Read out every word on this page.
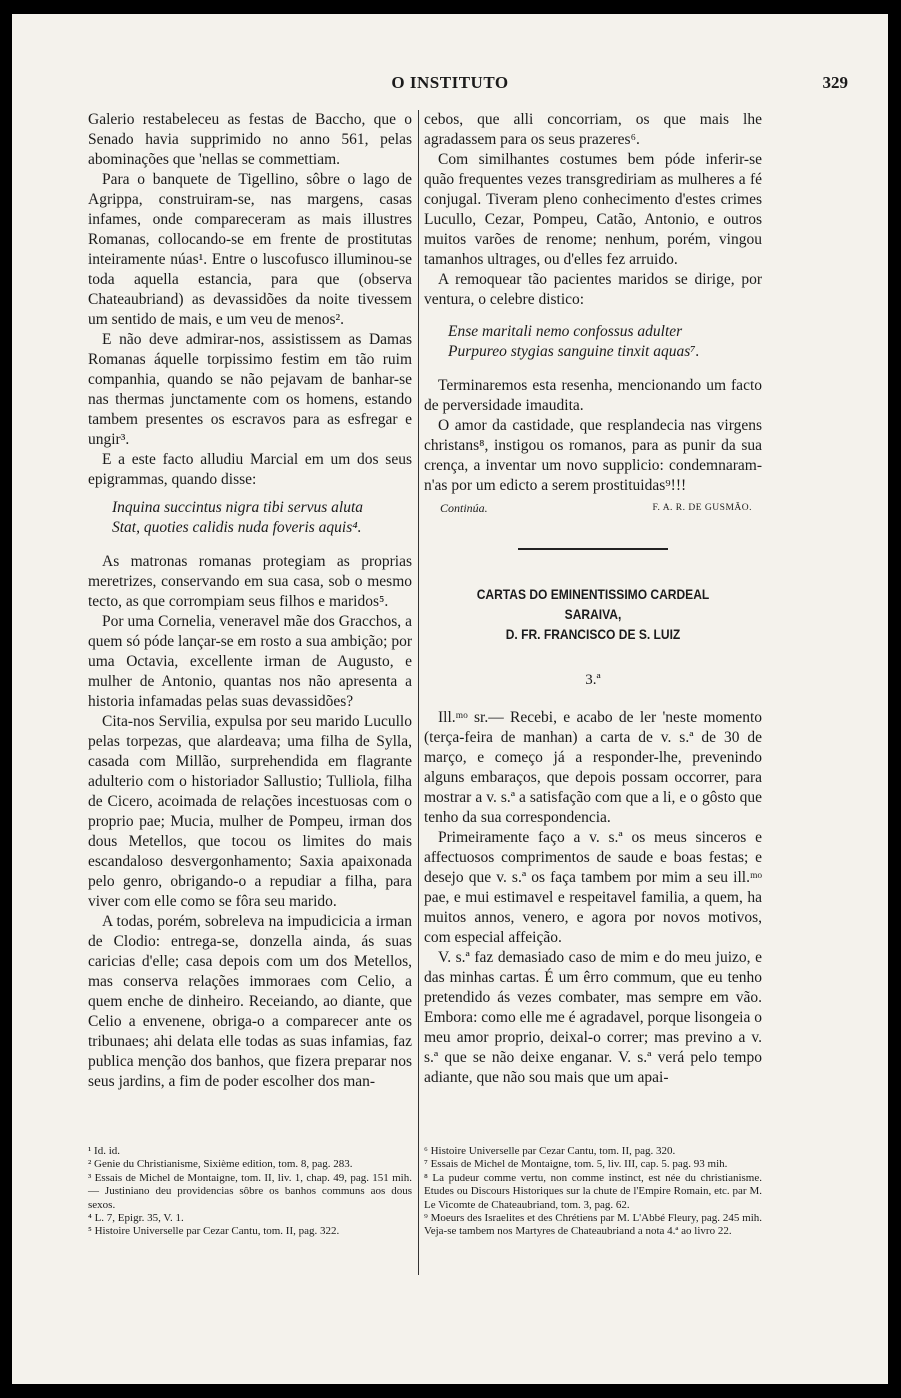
O INSTITUTO	329

Galerio restabeleceu as festas de Baccho, que o Senado havia supprimido no anno 561, pelas abominações que 'nellas se commettiam.

Para o banquete de Tigellino, sôbre o lago de Agrippa, construiram-se, nas margens, casas infames, onde compareceram as mais illustres Romanas, collocando-se em frente de prostitutas inteiramente núas¹. Entre o luscofusco illuminou-se toda aquella estancia, para que (observa Chateaubriand) as devassidões da noite tivessem um sentido de mais, e um veu de menos².

E não deve admirar-nos, assistissem as Damas Romanas áquelle torpissimo festim em tão ruim companhia, quando se não pejavam de banhar-se nas thermas junctamente com os homens, estando tambem presentes os escravos para as esfregar e ungir³.

E a este facto alludiu Marcial em um dos seus epigrammas, quando disse:

Inquina succintus nigra tibi servus aluta
Stat, quoties calidis nuda foveris aquis⁴.

As matronas romanas protegiam as proprias meretrizes, conservando em sua casa, sob o mesmo tecto, as que corrompiam seus filhos e maridos⁵.

Por uma Cornelia, veneravel mãe dos Gracchos, a quem só póde lançar-se em rosto a sua ambição; por uma Octavia, excellente irman de Augusto, e mulher de Antonio, quantas nos não apresenta a historia infamadas pelas suas devassidões?

Cita-nos Servilia, expulsa por seu marido Lucullo pelas torpezas, que alardeava; uma filha de Sylla, casada com Millão, surprehendida em flagrante adulterio com o historiador Sallustio; Tulliola, filha de Cicero, acoimada de relações incestuosas com o proprio pae; Mucia, mulher de Pompeu, irman dos dous Metellos, que tocou os limites do mais escandaloso desvergonhamento; Saxia apaixonada pelo genro, obrigando-o a repudiar a filha, para viver com elle como se fôra seu marido.

A todas, porém, sobreleva na impudicicia a irman de Clodio: entrega-se, donzella ainda, ás suas caricias d'elle; casa depois com um dos Metellos, mas conserva relações immoraes com Celio, a quem enche de dinheiro. Receiando, ao diante, que Celio a envenene, obriga-o a comparecer ante os tribunaes; ahi delata elle todas as suas infamias, faz publica menção dos banhos, que fizera preparar nos seus jardins, a fim de poder escolher dos man-

cebos, que alli concorriam, os que mais lhe agradassem para os seus prazeres⁶.

Com similhantes costumes bem póde inferir-se quão frequentes vezes transgrediriam as mulheres a fé conjugal. Tiveram pleno conhecimento d'estes crimes Lucullo, Cezar, Pompeu, Catão, Antonio, e outros muitos varões de renome; nenhum, porém, vingou tamanhos ultrages, ou d'elles fez arruido.

A remoquear tão pacientes maridos se dirige, por ventura, o celebre distico:

Ense maritali nemo confossus adulter
Purpureo stygias sanguine tinxit aquas⁷.

Terminaremos esta resenha, mencionando um facto de perversidade imaudita.

O amor da castidade, que resplandecia nas virgens christans⁸, instigou os romanos, para as punir da sua crença, a inventar um novo supplicio: condemnaram-n'as por um edicto a serem prostituidas⁹!!!

Continúa.	F. A. R. DE GUSMÃO.
CARTAS DO EMINENTISSIMO CARDEAL SARAIVA,
D. FR. FRANCISCO DE S. LUIZ
3.ª

Ill.ᵐᵒ sr.— Recebi, e acabo de ler 'neste momento (terça-feira de manhan) a carta de v. s.ª de 30 de março, e começo já a responder-lhe, prevenindo alguns embaraços, que depois possam occorrer, para mostrar a v. s.ª a satisfação com que a li, e o gôsto que tenho da sua correspondencia.

Primeiramente faço a v. s.ª os meus sinceros e affectuosos comprimentos de saude e boas festas; e desejo que v. s.ª os faça tambem por mim a seu ill.ᵐᵒ pae, e mui estimavel e respeitavel familia, a quem, ha muitos annos, venero, e agora por novos motivos, com especial affeição.

V. s.ª faz demasiado caso de mim e do meu juizo, e das minhas cartas. É um êrro commum, que eu tenho pretendido ás vezes combater, mas sempre em vão. Embora: como elle me é agradavel, porque lisongeia o meu amor proprio, deixal-o correr; mas previno a v. s.ª que se não deixe enganar. V. s.ª verá pelo tempo adiante, que não sou mais que um apai-

¹ Id. id.

² Genie du Christianisme, Sixième edition, tom. 8, pag. 283.

³ Essais de Michel de Montaigne, tom. II, liv. 1, chap. 49, pag. 151 mih.— Justiniano deu providencias sôbre os banhos communs aos dous sexos.

⁴ L. 7, Epigr. 35, V. 1.

⁵ Histoire Universelle par Cezar Cantu, tom. II, pag. 322.

⁶ Histoire Universelle par Cezar Cantu, tom. II, pag. 320.

⁷ Essais de Michel de Montaigne, tom. 5, liv. III, cap. 5. pag. 93 mih.

⁸ La pudeur comme vertu, non comme instinct, est née du christianisme. Etudes ou Discours Historiques sur la chute de l'Empire Romain, etc. par M. Le Vicomte de Chateaubriand, tom. 3, pag. 62.

⁹ Moeurs des Israelites et des Chrétiens par M. L'Abbé Fleury, pag. 245 mih. Veja-se tambem nos Martyres de Chateaubriand a nota 4.ª ao livro 22.
